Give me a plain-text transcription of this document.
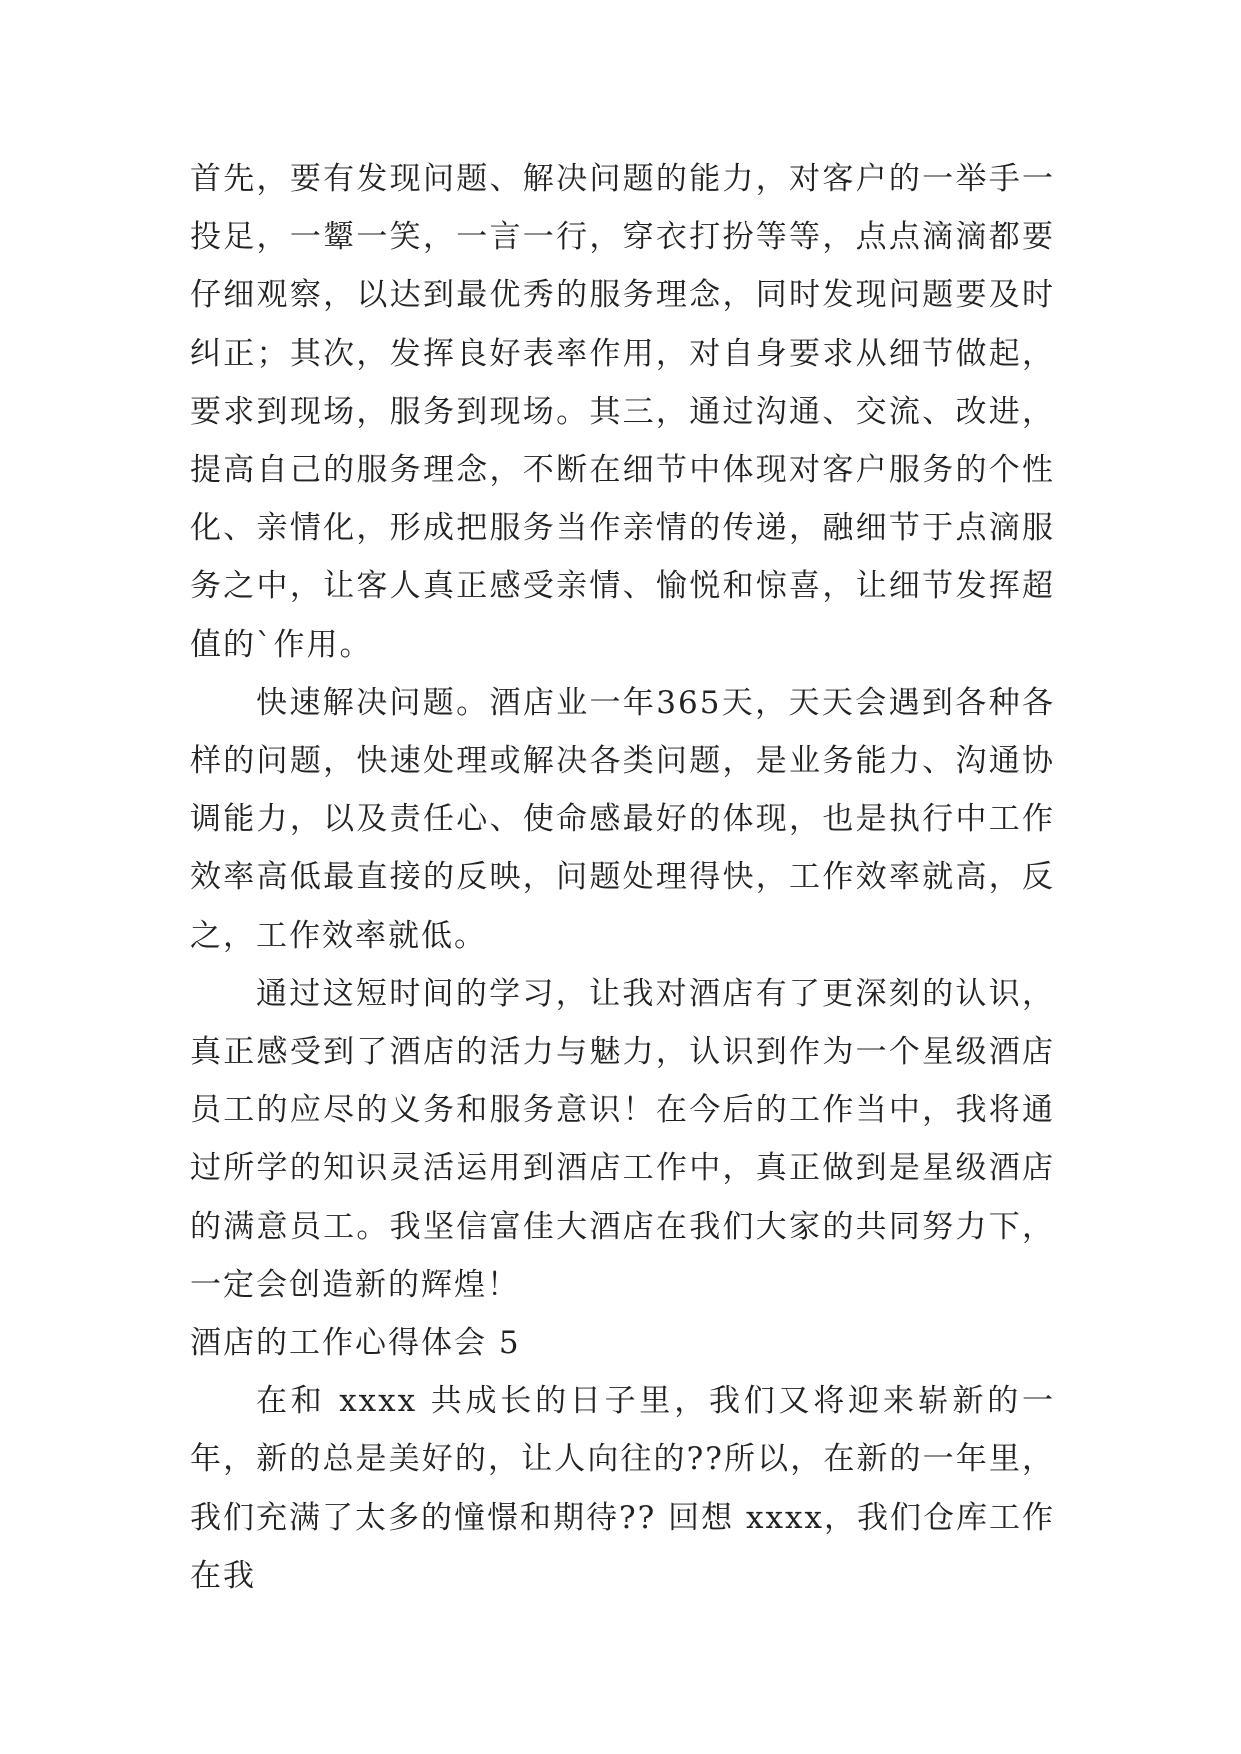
首先，要有发现问题、解决问题的能力，对客户的一举手一投足，一颦一笑，一言一行，穿衣打扮等等，点点滴滴都要仔细观察，以达到最优秀的服务理念，同时发现问题要及时纠正；其次，发挥良好表率作用，对自身要求从细节做起，要求到现场，服务到现场。其三，通过沟通、交流、改进，提高自己的服务理念，不断在细节中体现对客户服务的个性化、亲情化，形成把服务当作亲情的传递，融细节于点滴服务之中，让客人真正感受亲情、愉悦和惊喜，让细节发挥超值的`作用。

快速解决问题。酒店业一年365天，天天会遇到各种各样的问题，快速处理或解决各类问题，是业务能力、沟通协调能力，以及责任心、使命感最好的体现，也是执行中工作效率高低最直接的反映，问题处理得快，工作效率就高，反之，工作效率就低。

通过这短时间的学习，让我对酒店有了更深刻的认识，真正感受到了酒店的活力与魅力，认识到作为一个星级酒店员工的应尽的义务和服务意识！在今后的工作当中，我将通过所学的知识灵活运用到酒店工作中，真正做到是星级酒店的满意员工。我坚信富佳大酒店在我们大家的共同努力下，一定会创造新的辉煌！

酒店的工作心得体会 5

在和 xxxx 共成长的日子里，我们又将迎来崭新的一年，新的总是美好的，让人向往的??所以，在新的一年里，我们充满了太多的憧憬和期待?? 回想 xxxx，我们仓库工作在我
